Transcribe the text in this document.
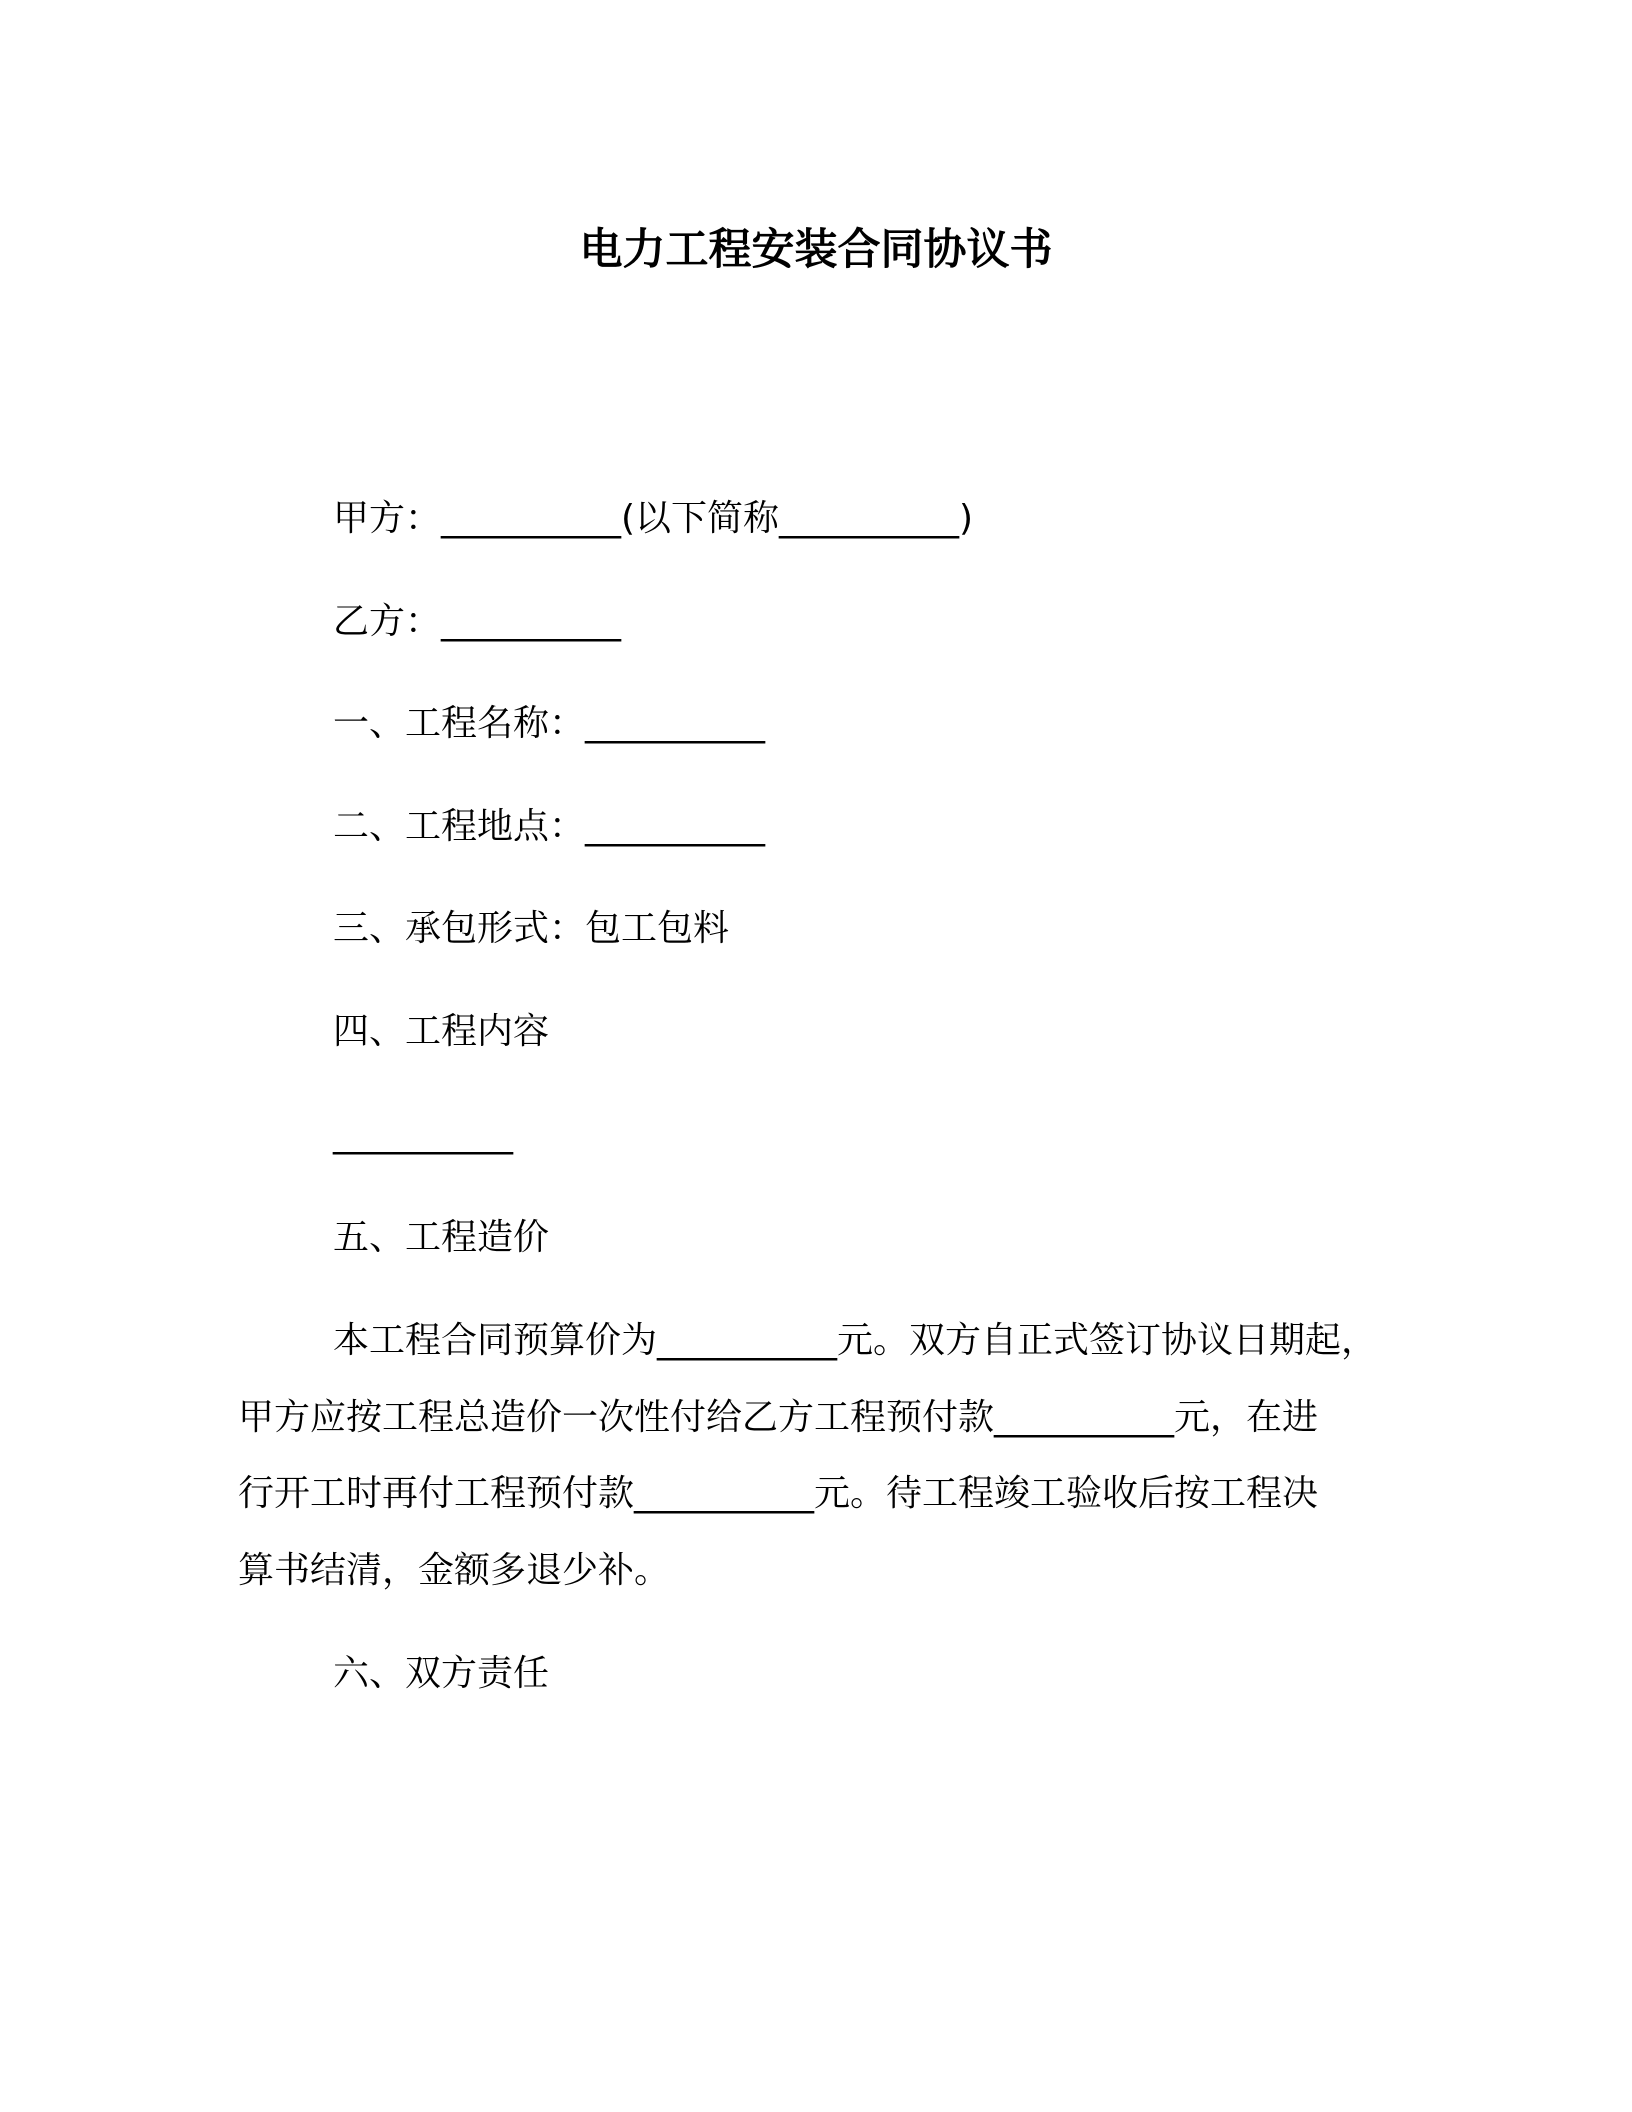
电力工程安装合同协议书
甲方：__________(以下简称__________)
乙方：__________
一、工程名称：__________
二、工程地点：__________
三、承包形式：包工包料
四、工程内容
__________
五、工程造价
本工程合同预算价为__________元。双方自正式签订协议日期起，
甲方应按工程总造价一次性付给乙方工程预付款__________元，在进
行开工时再付工程预付款__________元。待工程竣工验收后按工程决
算书结清，金额多退少补。
六、双方责任
